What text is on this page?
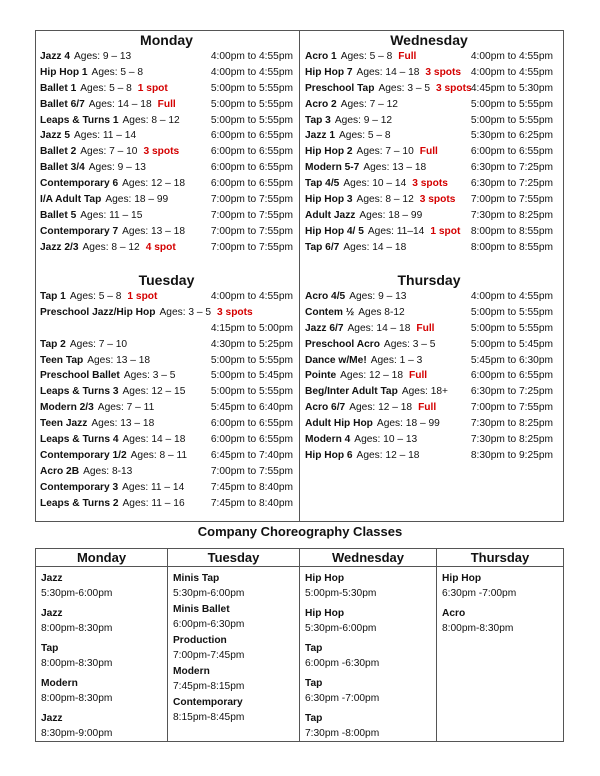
Monday
Jazz 4 Ages: 9 – 13	4:00pm to 4:55pm
Hip Hop 1 Ages: 5 – 8	4:00pm to 4:55pm
Ballet 1 Ages: 5 – 8 1 spot	5:00pm to 5:55pm
Ballet 6/7 Ages: 14 – 18 Full	5:00pm to 5:55pm
Leaps & Turns 1 Ages: 8 – 12	5:00pm to 5:55pm
Jazz 5 Ages: 11 – 14	6:00pm to 6:55pm
Ballet 2 Ages: 7 – 10 3 spots	6:00pm to 6:55pm
Ballet 3/4 Ages: 9 – 13	6:00pm to 6:55pm
Contemporary 6 Ages: 12 – 18	6:00pm to 6:55pm
I/A Adult Tap Ages: 18 – 99	7:00pm to 7:55pm
Ballet 5 Ages: 11 – 15	7:00pm to 7:55pm
Contemporary 7 Ages: 13 – 18	7:00pm to 7:55pm
Jazz 2/3 Ages: 8 – 12 4 spot	7:00pm to 7:55pm
Tuesday
Tap 1 Ages: 5 – 8 1 spot	4:00pm to 4:55pm
Preschool Jazz/Hip Hop Ages: 3 – 5 3 spots
4:15pm to 5:00pm
Tap 2 Ages: 7 – 10	4:30pm to 5:25pm
Teen Tap Ages: 13 – 18	5:00pm to 5:55pm
Preschool Ballet Ages: 3 – 5	5:00pm to 5:45pm
Leaps & Turns 3 Ages: 12 – 15	5:00pm to 5:55pm
Modern 2/3 Ages: 7 – 11	5:45pm to 6:40pm
Teen Jazz Ages: 13 – 18	6:00pm to 6:55pm
Leaps & Turns 4 Ages: 14 – 18	6:00pm to 6:55pm
Contemporary 1/2 Ages: 8 – 11 6:45pm to 7:40pm
Acro 2B Ages: 8-13	7:00pm to 7:55pm
Contemporary 3 Ages: 11 – 14	7:45pm to 8:40pm
Leaps & Turns 2 Ages: 11 – 16	7:45pm to 8:40pm
Wednesday
Acro 1 Ages: 5 – 8 Full	4:00pm to 4:55pm
Hip Hop 7 Ages: 14 – 18 3 spots 4:00pm to 4:55pm
Preschool Tap Ages: 3 – 5 3 spots 4:45pm to 5:30pm
Acro 2 Ages: 7 – 12	5:00pm to 5:55pm
Tap 3 Ages: 9 – 12	5:00pm to 5:55pm
Jazz 1 Ages: 5 – 8	5:30pm to 6:25pm
Hip Hop 2 Ages: 7 – 10 Full	6:00pm to 6:55pm
Modern 5-7 Ages: 13 – 18	6:30pm to 7:25pm
Tap 4/5 Ages: 10 – 14 3 spots 6:30pm to 7:25pm
Hip Hop 3 Ages: 8 – 12 3 spots 7:00pm to 7:55pm
Adult Jazz Ages: 18 – 99	7:30pm to 8:25pm
Hip Hop 4/ 5 Ages: 11–14 1 spot 8:00pm to 8:55pm
Tap 6/7 Ages: 14 – 18	8:00pm to 8:55pm
Thursday
Acro 4/5 Ages: 9 – 13	4:00pm to 4:55pm
Contem ½ Ages 8-12	5:00pm to 5:55pm
Jazz 6/7 Ages: 14 – 18 Full	5:00pm to 5:55pm
Preschool Acro Ages: 3 – 5	5:00pm to 5:45pm
Dance w/Me! Ages: 1 – 3	5:45pm to 6:30pm
Pointe Ages: 12 – 18 Full	6:00pm to 6:55pm
Beg/Inter Adult Tap Ages: 18+ 6:30pm to 7:25pm
Acro 6/7 Ages: 12 – 18 Full	7:00pm to 7:55pm
Adult Hip Hop Ages: 18 – 99	7:30pm to 8:25pm
Modern 4 Ages: 10 – 13	7:30pm to 8:25pm
Hip Hop 6 Ages: 12 – 18	8:30pm to 9:25pm
Company Choreography Classes
Monday
Jazz
5:30pm-6:00pm
Jazz
8:00pm-8:30pm
Tap
8:00pm-8:30pm
Modern
8:00pm-8:30pm
Jazz
8:30pm-9:00pm
Tuesday
Minis Tap
5:30pm-6:00pm
Minis Ballet
6:00pm-6:30pm
Production
7:00pm-7:45pm
Modern
7:45pm-8:15pm
Contemporary
8:15pm-8:45pm
Wednesday
Hip Hop
5:00pm-5:30pm
Hip Hop
5:30pm-6:00pm
Tap
6:00pm -6:30pm
Tap
6:30pm -7:00pm
Tap
7:30pm -8:00pm
Thursday
Hip Hop
6:30pm -7:00pm
Acro
8:00pm-8:30pm
